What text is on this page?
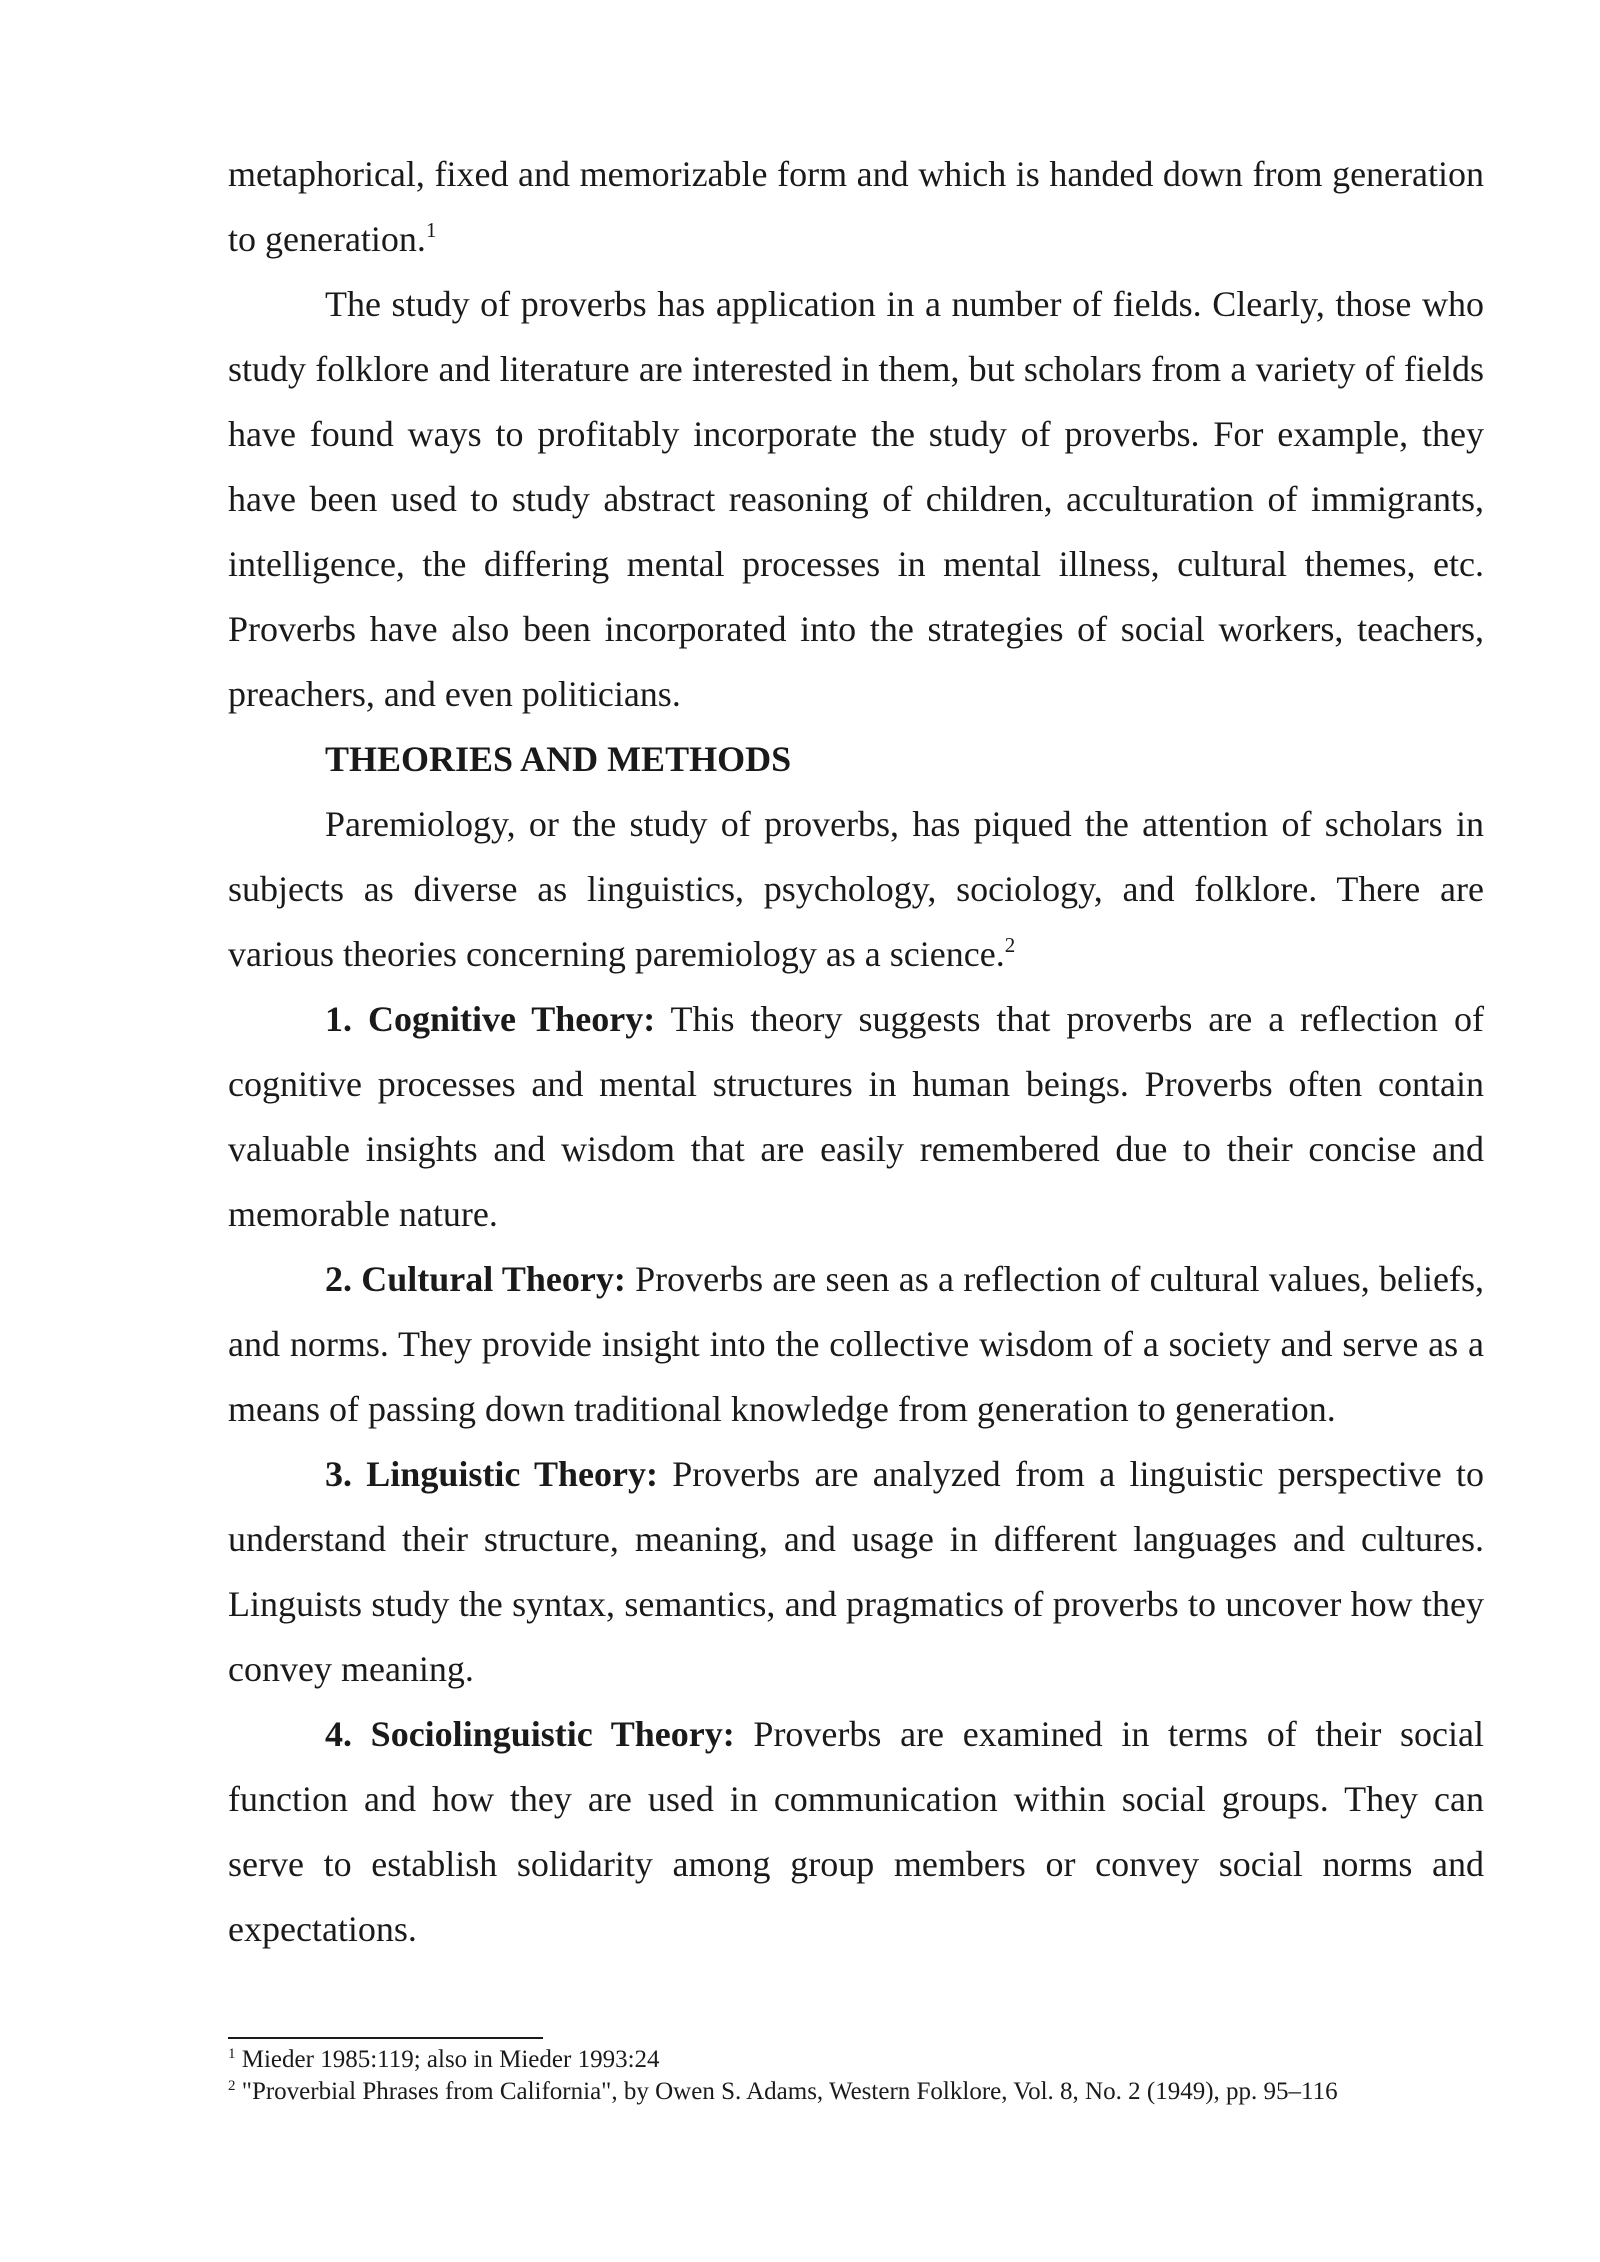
metaphorical, fixed and memorizable form and which is handed down from generation to generation.$^1$

The study of proverbs has application in a number of fields. Clearly, those who study folklore and literature are interested in them, but scholars from a variety of fields have found ways to profitably incorporate the study of proverbs. For example, they have been used to study abstract reasoning of children, acculturation of immigrants, intelligence, the differing mental processes in mental illness, cultural themes, etc. Proverbs have also been incorporated into the strategies of social workers, teachers, preachers, and even politicians.

THEORIES AND METHODS

Paremiology, or the study of proverbs, has piqued the attention of scholars in subjects as diverse as linguistics, psychology, sociology, and folklore. There are various theories concerning paremiology as a science.$^2$

1. Cognitive Theory: This theory suggests that proverbs are a reflection of cognitive processes and mental structures in human beings. Proverbs often contain valuable insights and wisdom that are easily remembered due to their concise and memorable nature.

2. Cultural Theory: Proverbs are seen as a reflection of cultural values, beliefs, and norms. They provide insight into the collective wisdom of a society and serve as a means of passing down traditional knowledge from generation to generation.

3. Linguistic Theory: Proverbs are analyzed from a linguistic perspective to understand their structure, meaning, and usage in different languages and cultures. Linguists study the syntax, semantics, and pragmatics of proverbs to uncover how they convey meaning.

4. Sociolinguistic Theory: Proverbs are examined in terms of their social function and how they are used in communication within social groups. They can serve to establish solidarity among group members or convey social norms and expectations.

$^1$ Mieder 1985:119; also in Mieder 1993:24

$^2$ "Proverbial Phrases from California", by Owen S. Adams, Western Folklore, Vol. 8, No. 2 (1949), pp. 95–116
